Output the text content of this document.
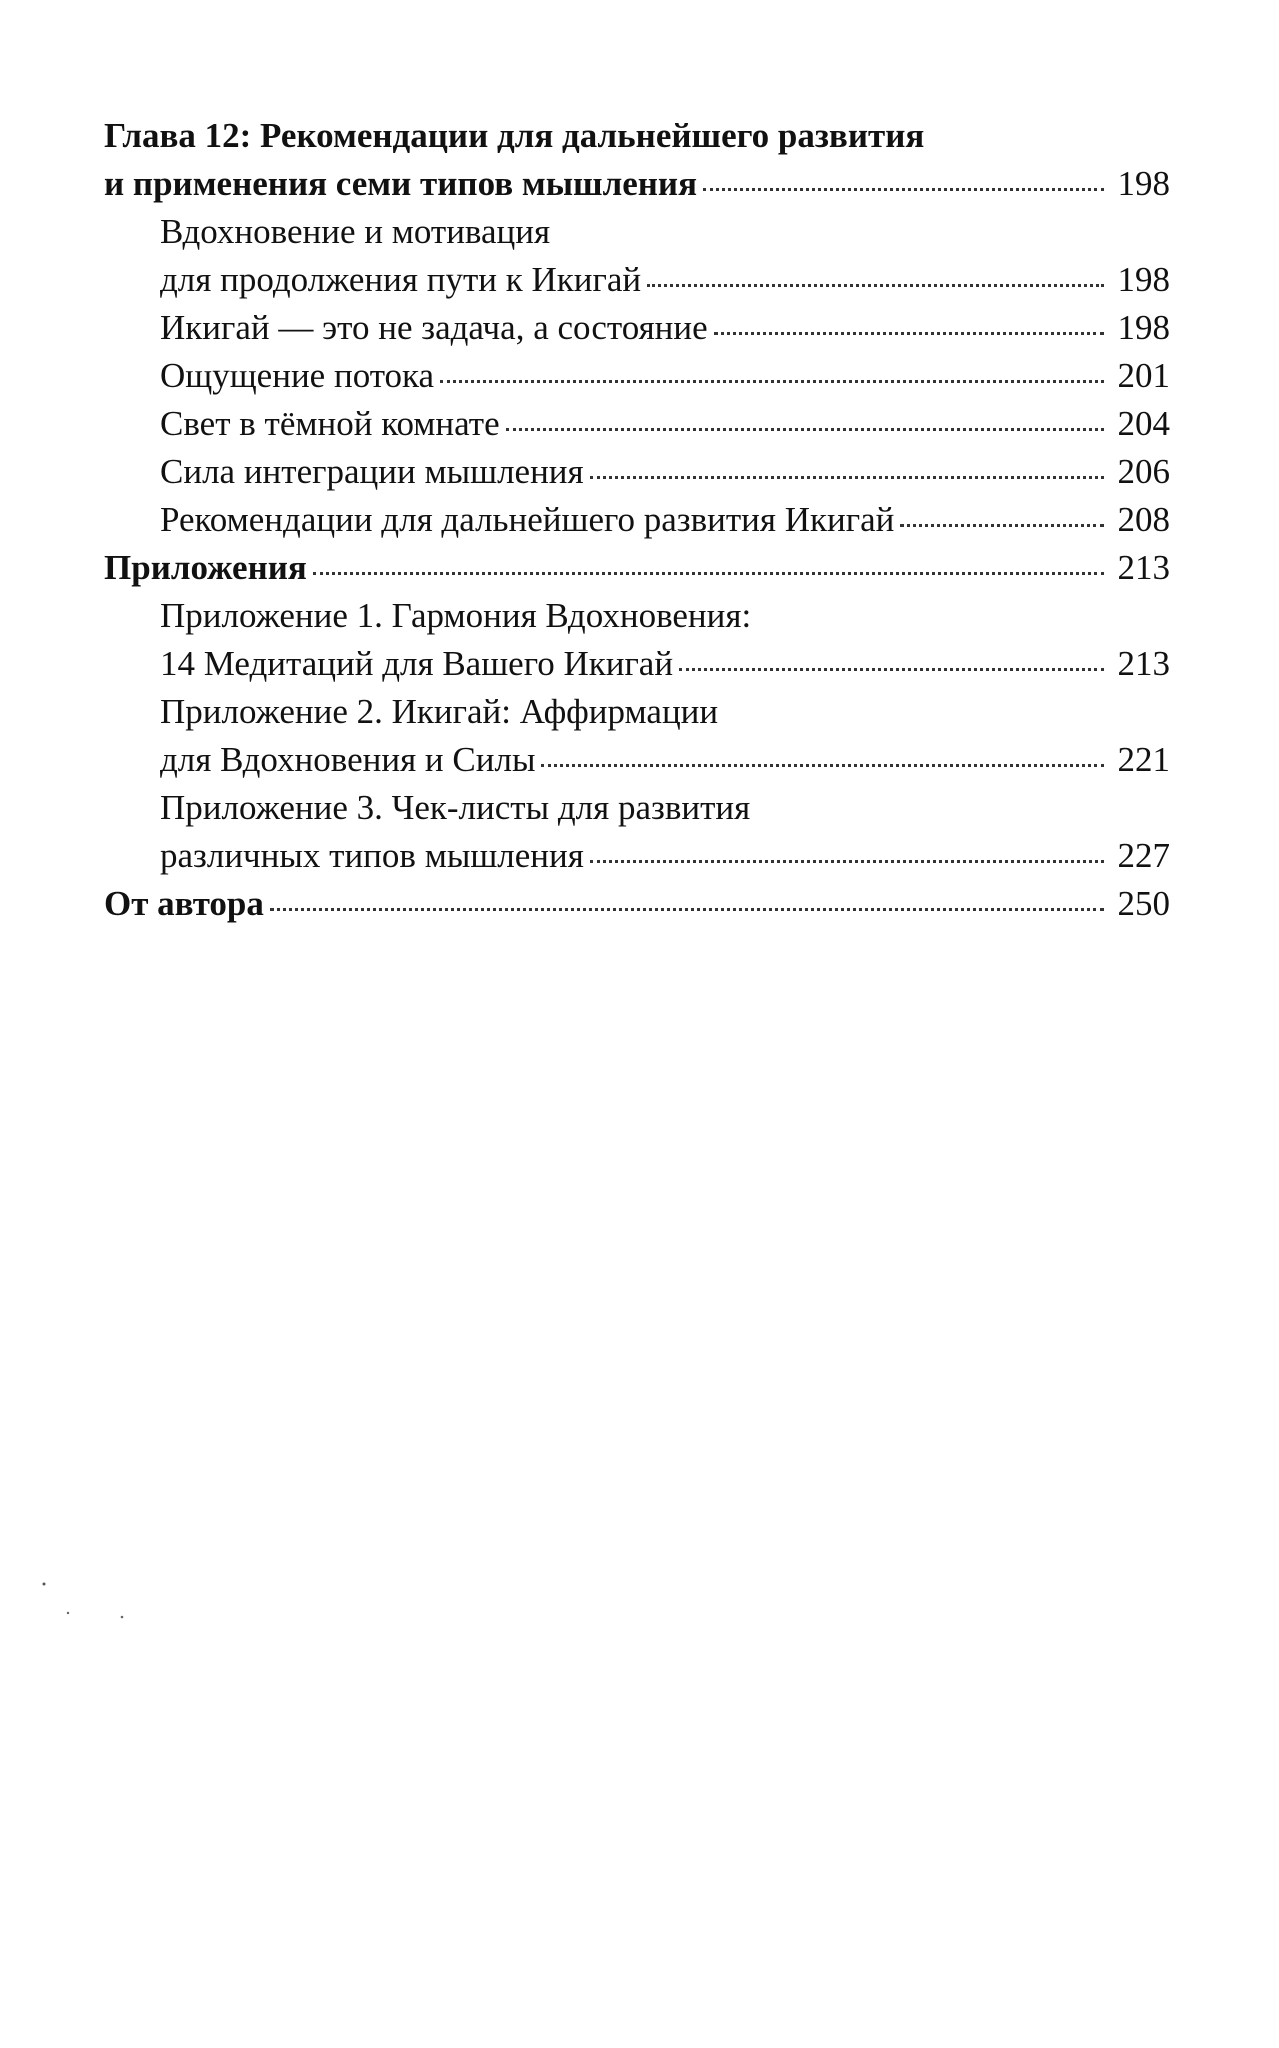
Глава 12: Рекомендации для дальнейшего развития
и применения семи типов мышления	198
Вдохновение и мотивация
для продолжения пути к Икигай	198
Икигай — это не задача, а состояние	198
Ощущение потока	201
Свет в тёмной комнате	204
Сила интеграции мышления	206
Рекомендации для дальнейшего развития Икигай	208
Приложения	213
Приложение 1. Гармония Вдохновения:
14 Медитаций для Вашего Икигай	213
Приложение 2. Икигай: Аффирмации
для Вдохновения и Силы	221
Приложение 3. Чек-листы для развития
различных типов мышления	227
От автора	250
